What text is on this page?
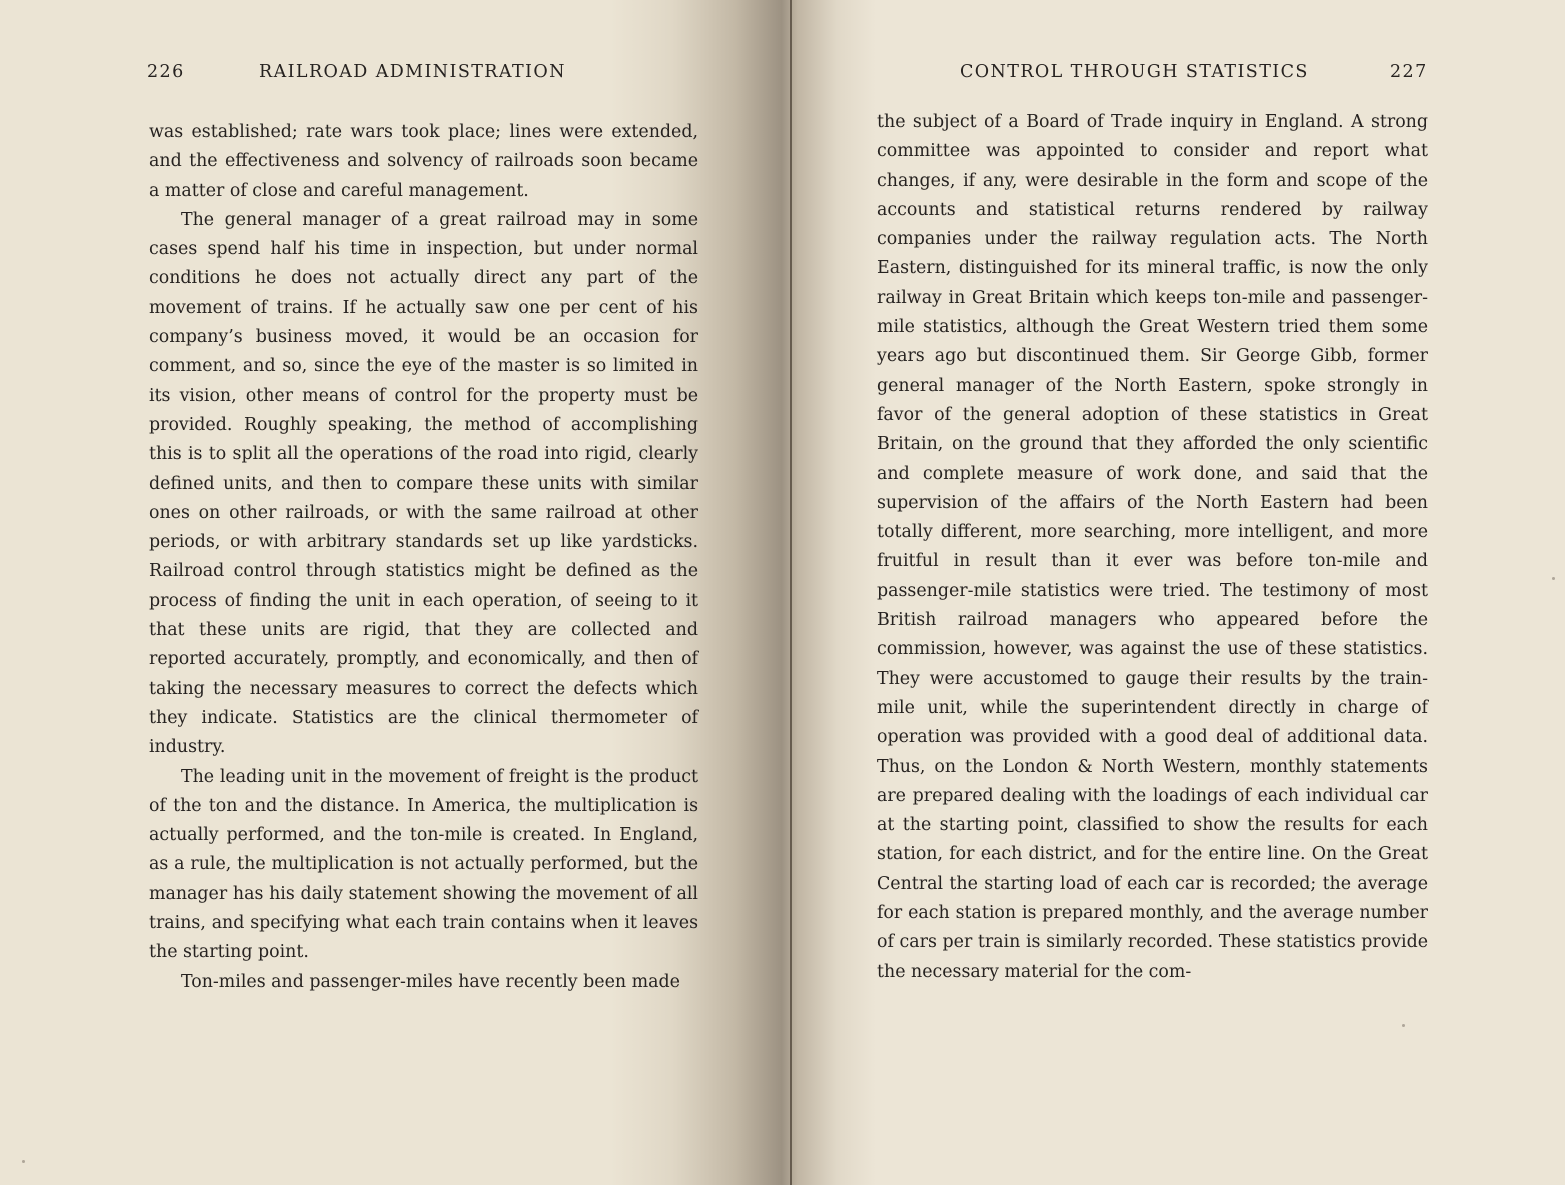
226	RAILROAD ADMINISTRATION

was established; rate wars took place; lines were extended, and the effectiveness and solvency of railroads soon became a matter of close and careful management.

The general manager of a great railroad may in some cases spend half his time in inspection, but under normal conditions he does not actually direct any part of the movement of trains. If he actually saw one per cent of his company’s business moved, it would be an occasion for comment, and so, since the eye of the master is so limited in its vision, other means of control for the property must be provided. Roughly speaking, the method of accomplishing this is to split all the operations of the road into rigid, clearly defined units, and then to compare these units with similar ones on other railroads, or with the same railroad at other periods, or with arbitrary standards set up like yardsticks. Railroad control through statistics might be defined as the process of finding the unit in each operation, of seeing to it that these units are rigid, that they are collected and reported accurately, promptly, and economically, and then of taking the necessary measures to correct the defects which they indicate. Statistics are the clinical thermometer of industry.

The leading unit in the movement of freight is the product of the ton and the distance. In America, the multiplication is actually performed, and the ton-mile is created. In England, as a rule, the multiplication is not actually performed, but the manager has his daily statement showing the movement of all trains, and specifying what each train contains when it leaves the starting point.

Ton-miles and passenger-miles have recently been made

CONTROL THROUGH STATISTICS	227

the subject of a Board of Trade inquiry in England. A strong committee was appointed to consider and report what changes, if any, were desirable in the form and scope of the accounts and statistical returns rendered by railway companies under the railway regulation acts. The North Eastern, distinguished for its mineral traffic, is now the only railway in Great Britain which keeps ton-mile and passenger-mile statistics, although the Great Western tried them some years ago but discontinued them. Sir George Gibb, former general manager of the North Eastern, spoke strongly in favor of the general adoption of these statistics in Great Britain, on the ground that they afforded the only scientific and complete measure of work done, and said that the supervision of the affairs of the North Eastern had been totally different, more searching, more intelligent, and more fruitful in result than it ever was before ton-mile and passenger-mile statistics were tried. The testimony of most British railroad managers who appeared before the commission, however, was against the use of these statistics. They were accustomed to gauge their results by the train-mile unit, while the superintendent directly in charge of operation was provided with a good deal of additional data. Thus, on the London & North Western, monthly statements are prepared dealing with the loadings of each individual car at the starting point, classified to show the results for each station, for each district, and for the entire line. On the Great Central the starting load of each car is recorded; the average for each station is prepared monthly, and the average number of cars per train is similarly recorded. These statistics provide the necessary material for the com-
